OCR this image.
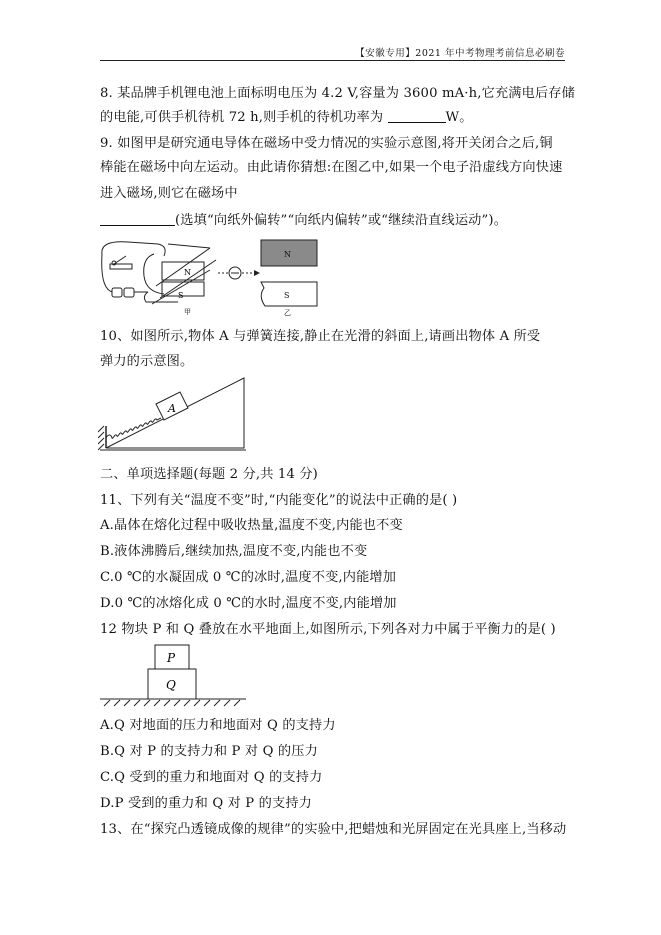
【安徽专用】2021 年中考物理考前信息必刷卷
8. 某品牌手机锂电池上面标明电压为 4.2 V,容量为 3600 mA·h,它充满电后存储
的电能,可供手机待机 72 h,则手机的待机功率为	W。
9. 如图甲是研究通电导体在磁场中受力情况的实验示意图,将开关闭合之后,铜
棒能在磁场中向左运动。由此请你猜想:在图乙中,如果一个电子沿虚线方向快速
进入磁场,则它在磁场中
(选填“向纸外偏转”“向纸内偏转”或“继续沿直线运动”)。
N
S
甲
N
S
乙
10、如图所示,物体 A 与弹簧连接,静止在光滑的斜面上,请画出物体 A 所受
弹力的示意图。
A
二、单项选择题(每题 2 分,共 14 分)
11、下列有关“温度不变”时,“内能变化”的说法中正确的是( )
A.晶体在熔化过程中吸收热量,温度不变,内能也不变
B.液体沸腾后,继续加热,温度不变,内能也不变
C.0 ℃的水凝固成 0 ℃的冰时,温度不变,内能增加
D.0 ℃的冰熔化成 0 ℃的水时,温度不变,内能增加
12 物块 P 和 Q 叠放在水平地面上,如图所示,下列各对力中属于平衡力的是( )
P
Q
A.Q 对地面的压力和地面对 Q 的支持力
B.Q 对 P 的支持力和 P 对 Q 的压力
C.Q 受到的重力和地面对 Q 的支持力
D.P 受到的重力和 Q 对 P 的支持力
13、在“探究凸透镜成像的规律”的实验中,把蜡烛和光屏固定在光具座上,当移动
